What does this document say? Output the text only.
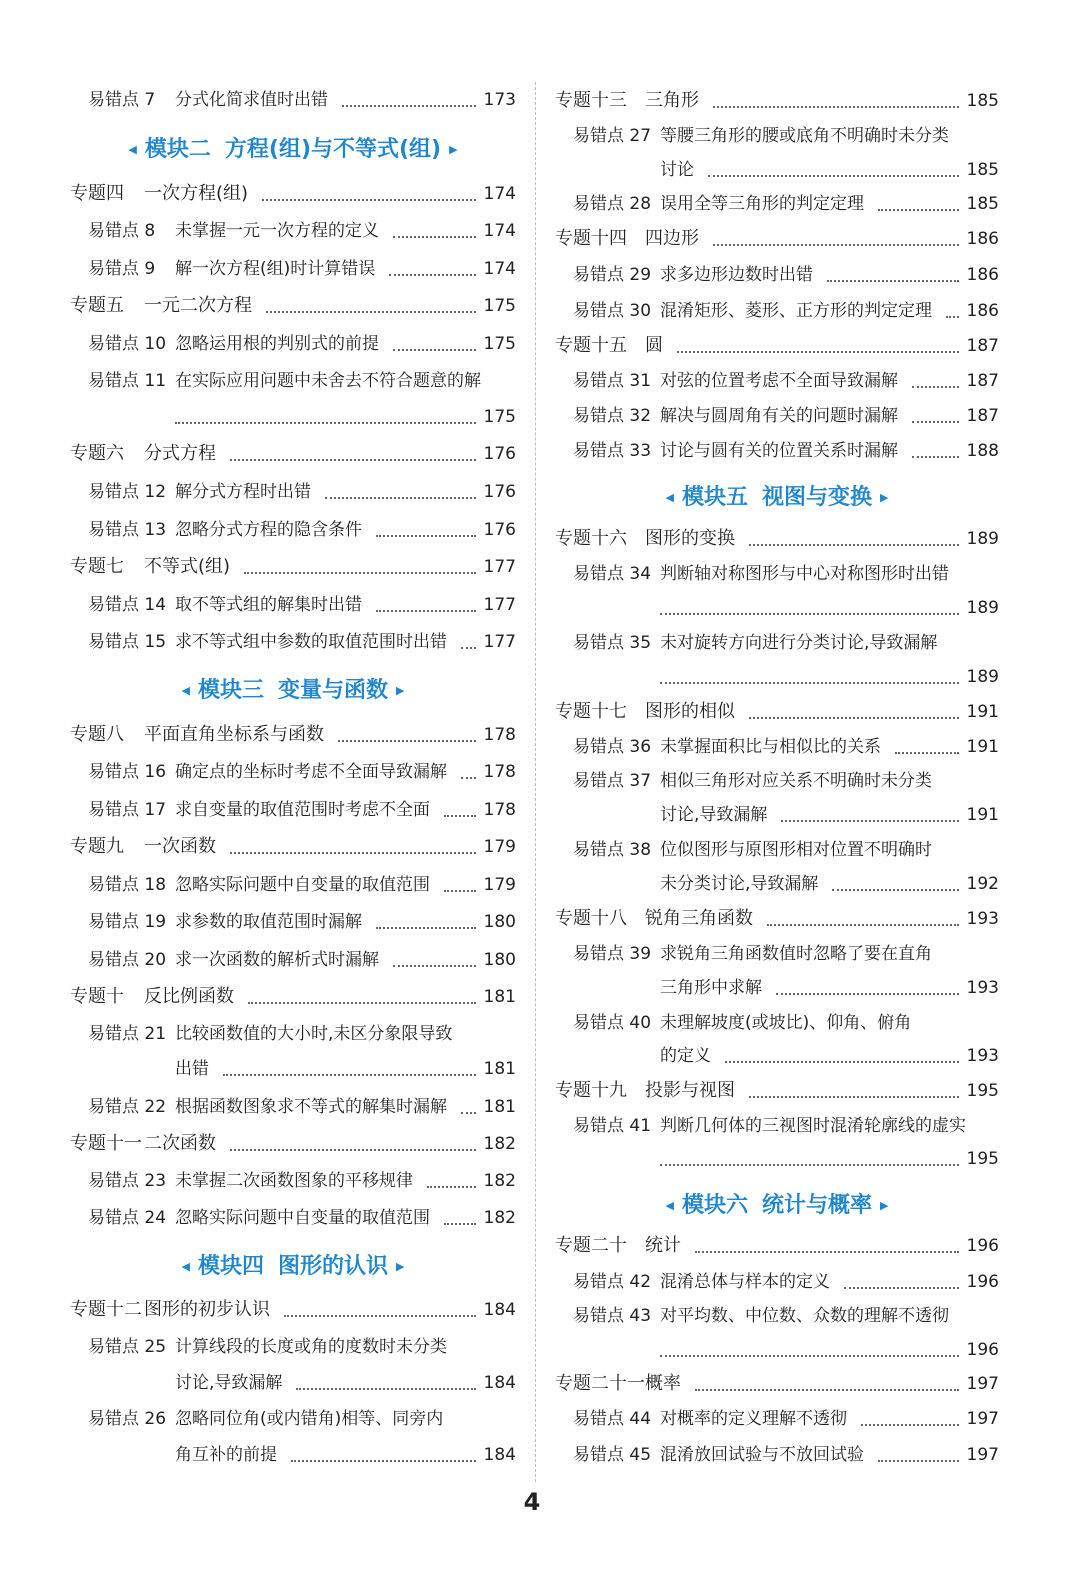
易错点 7 分式化简求值时出错	173
◀ 模块二 方程(组)与不等式(组) ▶
专题四 一次方程(组)	174
易错点 8 未掌握一元一次方程的定义	174
易错点 9 解一次方程(组)时计算错误	174
专题五 一元二次方程	175
易错点 10 忽略运用根的判别式的前提	175
易错点 11 在实际应用问题中未舍去不符合题意的解
175
专题六 分式方程	176
易错点 12 解分式方程时出错	176
易错点 13 忽略分式方程的隐含条件	176
专题七 不等式(组)	177
易错点 14 取不等式组的解集时出错	177
易错点 15 求不等式组中参数的取值范围时出错 177
◀ 模块三 变量与函数 ▶
专题八 平面直角坐标系与函数	178
易错点 16 确定点的坐标时考虑不全面导致漏解 178
易错点 17 求自变量的取值范围时考虑不全面	178
专题九 一次函数	179
易错点 18 忽略实际问题中自变量的取值范围	179
易错点 19 求参数的取值范围时漏解	180
易错点 20 求一次函数的解析式时漏解	180
专题十 反比例函数	181
易错点 21 比较函数值的大小时,未区分象限导致
出错	181
易错点 22 根据函数图象求不等式的解集时漏解 181
专题十一 二次函数	182
易错点 23 未掌握二次函数图象的平移规律	182
易错点 24 忽略实际问题中自变量的取值范围	182
◀ 模块四 图形的认识 ▶
专题十二 图形的初步认识	184
易错点 25 计算线段的长度或角的度数时未分类
讨论,导致漏解	184
易错点 26 忽略同位角(或内错角)相等、同旁内
角互补的前提	184
专题十三 三角形	185
易错点 27 等腰三角形的腰或底角不明确时未分类
讨论	185
易错点 28 误用全等三角形的判定定理	185
专题十四 四边形	186
易错点 29 求多边形边数时出错	186
易错点 30 混淆矩形、菱形、正方形的判定定理 186
专题十五 圆	187
易错点 31 对弦的位置考虑不全面导致漏解	187
易错点 32 解决与圆周角有关的问题时漏解	187
易错点 33 讨论与圆有关的位置关系时漏解	188
◀ 模块五 视图与变换 ▶
专题十六 图形的变换	189
易错点 34 判断轴对称图形与中心对称图形时出错
189
易错点 35 未对旋转方向进行分类讨论,导致漏解
189
专题十七 图形的相似	191
易错点 36 未掌握面积比与相似比的关系	191
易错点 37 相似三角形对应关系不明确时未分类
讨论,导致漏解	191
易错点 38 位似图形与原图形相对位置不明确时
未分类讨论,导致漏解	192
专题十八 锐角三角函数	193
易错点 39 求锐角三角函数值时忽略了要在直角
三角形中求解	193
易错点 40 未理解坡度(或坡比)、仰角、俯角
的定义	193
专题十九 投影与视图	195
易错点 41 判断几何体的三视图时混淆轮廓线的虚实
195
◀ 模块六 统计与概率 ▶
专题二十 统计	196
易错点 42 混淆总体与样本的定义	196
易错点 43 对平均数、中位数、众数的理解不透彻
196
专题二十一 概率	197
易错点 44 对概率的定义理解不透彻	197
易错点 45 混淆放回试验与不放回试验	197
4
